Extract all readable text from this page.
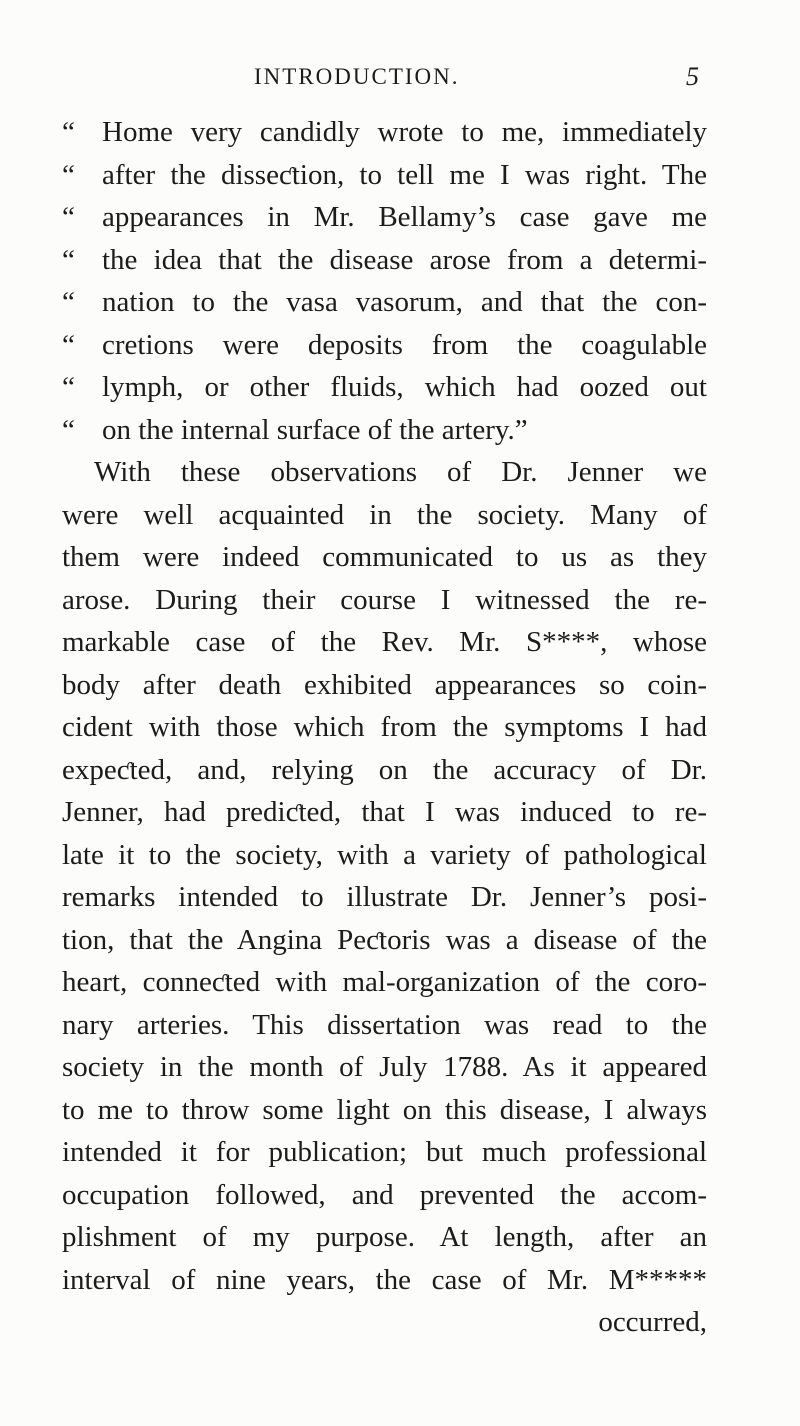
INTRODUCTION.	5
“ Home very candidly wrote to me, immediately
“ after the disseƈtion, to tell me I was right. The
“ appearances in Mr. Bellamy’s case gave me
“ the idea that the disease arose from a determi-
“ nation to the vasa vasorum, and that the con-
“ cretions were deposits from the coagulable
“ lymph, or other fluids, which had oozed out
“ on the internal surface of the artery.”
With these observations of Dr. Jenner we
were well acquainted in the society. Many of
them were indeed communicated to us as they
arose. During their course I witnessed the re-
markable case of the Rev. Mr. S****, whose
body after death exhibited appearances so coin-
cident with those which from the symptoms I had
expeƈted, and, relying on the accuracy of Dr.
Jenner, had prediƈted, that I was induced to re-
late it to the society, with a variety of pathological
remarks intended to illustrate Dr. Jenner’s posi-
tion, that the Angina Peƈtoris was a disease of the
heart, conneƈted with mal-organization of the coro-
nary arteries. This dissertation was read to the
society in the month of July 1788. As it appeared
to me to throw some light on this disease, I always
intended it for publication; but much professional
occupation followed, and prevented the accom-
plishment of my purpose. At length, after an
interval of nine years, the case of Mr. M*****
occurred,
